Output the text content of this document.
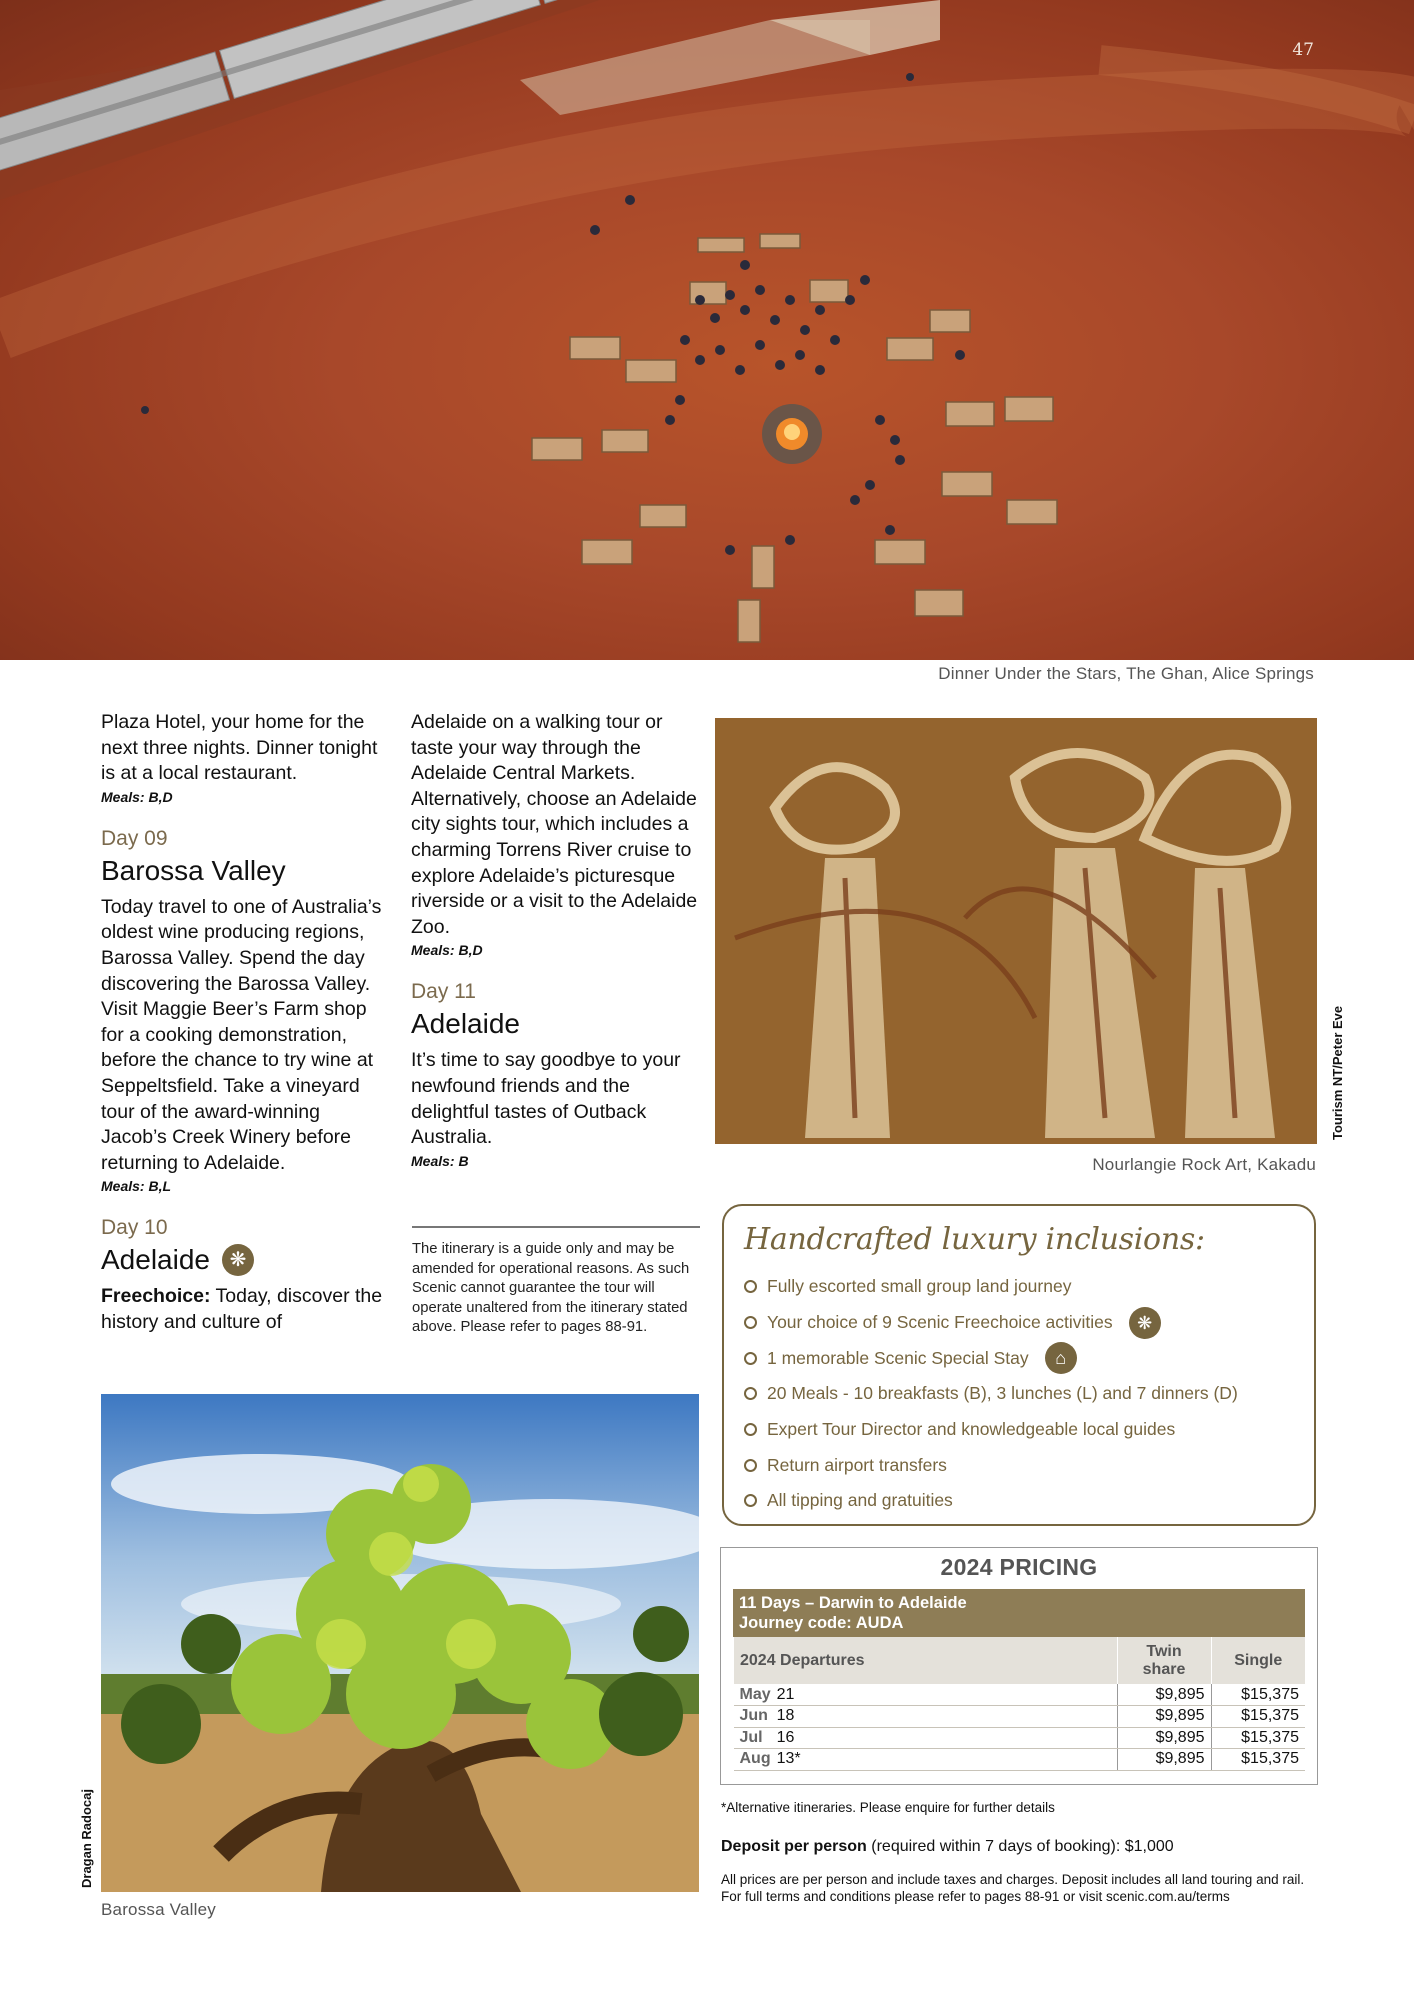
47
Dinner Under the Stars, The Ghan, Alice Springs

Plaza Hotel, your home for the next three nights. Dinner tonight is at a local restaurant.

Meals: B,D

Day 09
Barossa Valley

Today travel to one of Australia’s oldest wine producing regions, Barossa Valley. Spend the day discovering the Barossa Valley. Visit Maggie Beer’s Farm shop for a cooking demonstration, before the chance to try wine at Seppeltsfield. Take a vineyard tour of the award-winning Jacob’s Creek Winery before returning to Adelaide.

Meals: B,L

Day 10
Adelaide
❋

Freechoice: Today, discover the history and culture of

Adelaide on a walking tour or taste your way through the Adelaide Central Markets. Alternatively, choose an Adelaide city sights tour, which includes a charming Torrens River cruise to explore Adelaide’s picturesque riverside or a visit to the Adelaide Zoo.

Meals: B,D

Day 11
Adelaide

It’s time to say goodbye to your newfound friends and the delightful tastes of Outback Australia.

Meals: B

The itinerary is a guide only and may be amended for operational reasons. As such Scenic cannot guarantee the tour will operate unaltered from the itinerary stated above. Please refer to pages 88-91.
Tourism NT/Peter Eve
Nourlangie Rock Art, Kakadu
Handcrafted luxury inclusions:
Fully escorted small group land journey
Your choice of 9 Scenic Freechoice activities
❋
1 memorable Scenic Special Stay
⌂
20 Meals - 10 breakfasts (B), 3 lunches (L) and 7 dinners (D)
Expert Tour Director and knowledgeable local guides
Return airport transfers
All tipping and gratuities
Dragan Radocaj
Barossa Valley
2024 PRICING
11 Days – Darwin to Adelaide
Journey code: AUDA
2024 Departures		Twin share	Single
May	21	$9,895	$15,375
Jun	18	$9,895	$15,375
Jul	16	$9,895	$15,375
Aug	13*	$9,895	$15,375
*Alternative itineraries. Please enquire for further details
Deposit per person (required within 7 days of booking): $1,000
All prices are per person and include taxes and charges. Deposit includes all land touring and rail. For full terms and conditions please refer to pages 88-91 or visit scenic.com.au/terms
